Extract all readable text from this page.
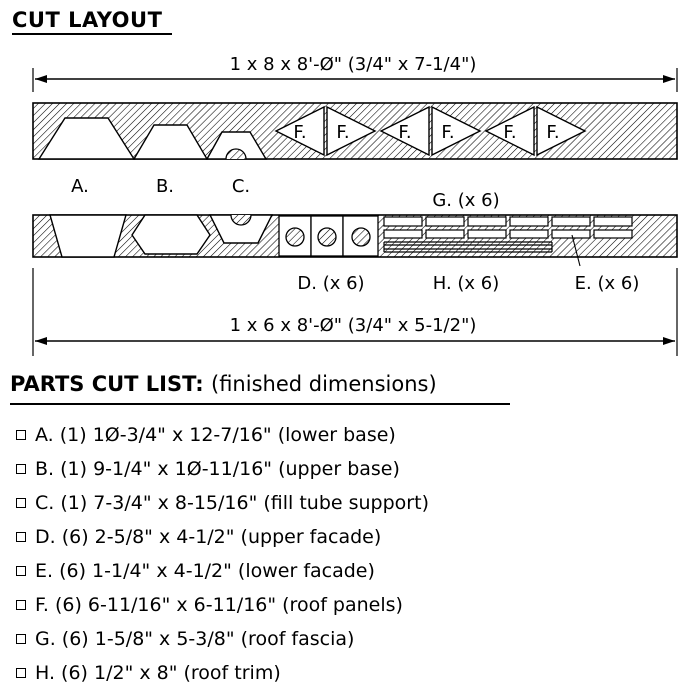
CUT LAYOUT
1 x 8 x 8'-Ø" (3/4" x 7-1/4")
F. F.	F. F.	F. F.
A.	B.	C.
G. (x 6)
D. (x 6)	H. (x 6)	E. (x 6)
1 x 6 x 8'-Ø" (3/4" x 5-1/2")
PARTS CUT LIST: (finished dimensions)
A. (1) 1Ø-3/4" x 12-7/16" (lower base)
B. (1) 9-1/4" x 1Ø-11/16" (upper base)
C. (1) 7-3/4" x 8-15/16" (fill tube support)
D. (6) 2-5/8" x 4-1/2" (upper facade)
E. (6) 1-1/4" x 4-1/2" (lower facade)
F. (6) 6-11/16" x 6-11/16" (roof panels)
G. (6) 1-5/8" x 5-3/8" (roof fascia)
H. (6) 1/2" x 8" (roof trim)
